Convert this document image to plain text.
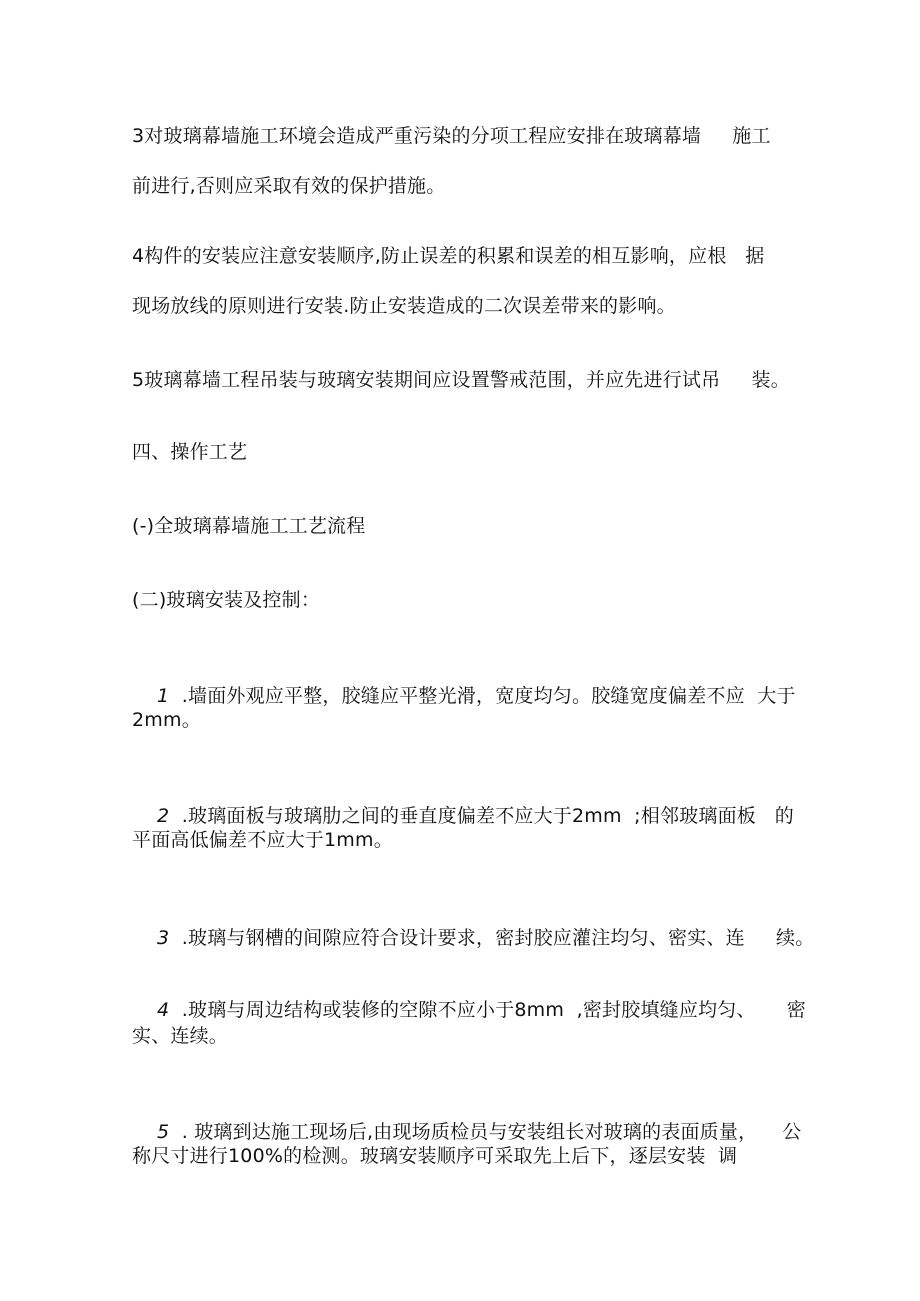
3对玻璃幕墙施工环境会造成严重污染的分项工程应安排在玻璃幕墙     施工
前进行,否则应采取有效的保护措施。
4构件的安装应注意安装顺序,防止误差的积累和误差的相互影响，应根   据
现场放线的原则进行安装.防止安装造成的二次误差带来的影响。
5玻璃幕墙工程吊装与玻璃安装期间应设置警戒范围，并应先进行试吊     装。
四、操作工艺
(-)全玻璃幕墙施工工艺流程
(二)玻璃安装及控制：

1 .墙面外观应平整，胶缝应平整光滑，宽度均匀。胶缝宽度偏差不应  大于

2mm。

2 .玻璃面板与玻璃肋之间的垂直度偏差不应大于2mm  ;相邻玻璃面板   的

平面高低偏差不应大于1mm。

3 .玻璃与钢槽的间隙应符合设计要求，密封胶应灌注均匀、密实、连     续。

4 .玻璃与周边结构或装修的空隙不应小于8mm  ,密封胶填缝应均匀、     密

实、连续。

5 . 玻璃到达施工现场后,由现场质检员与安装组长对玻璃的表面质量，    公

称尺寸进行100%的检测。玻璃安装顺序可采取先上后下，逐层安装  调
